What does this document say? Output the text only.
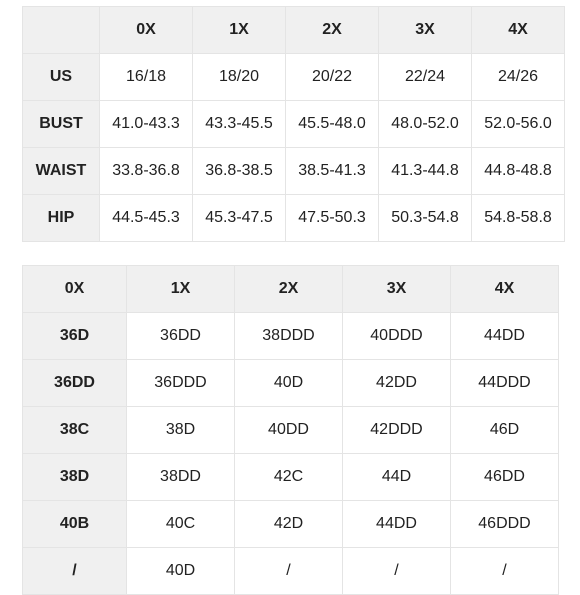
	0X	1X	2X	3X	4X
US	16/18	18/20	20/22	22/24	24/26
BUST	41.0-43.3	43.3-45.5	45.5-48.0	48.0-52.0	52.0-56.0
WAIST	33.8-36.8	36.8-38.5	38.5-41.3	41.3-44.8	44.8-48.8
HIP	44.5-45.3	45.3-47.5	47.5-50.3	50.3-54.8	54.8-58.8
0X	1X	2X	3X	4X
36D	36DD	38DDD	40DDD	44DD
36DD	36DDD	40D	42DD	44DDD
38C	38D	40DD	42DDD	46D
38D	38DD	42C	44D	46DD
40B	40C	42D	44DD	46DDD
/	40D	/	/	/
